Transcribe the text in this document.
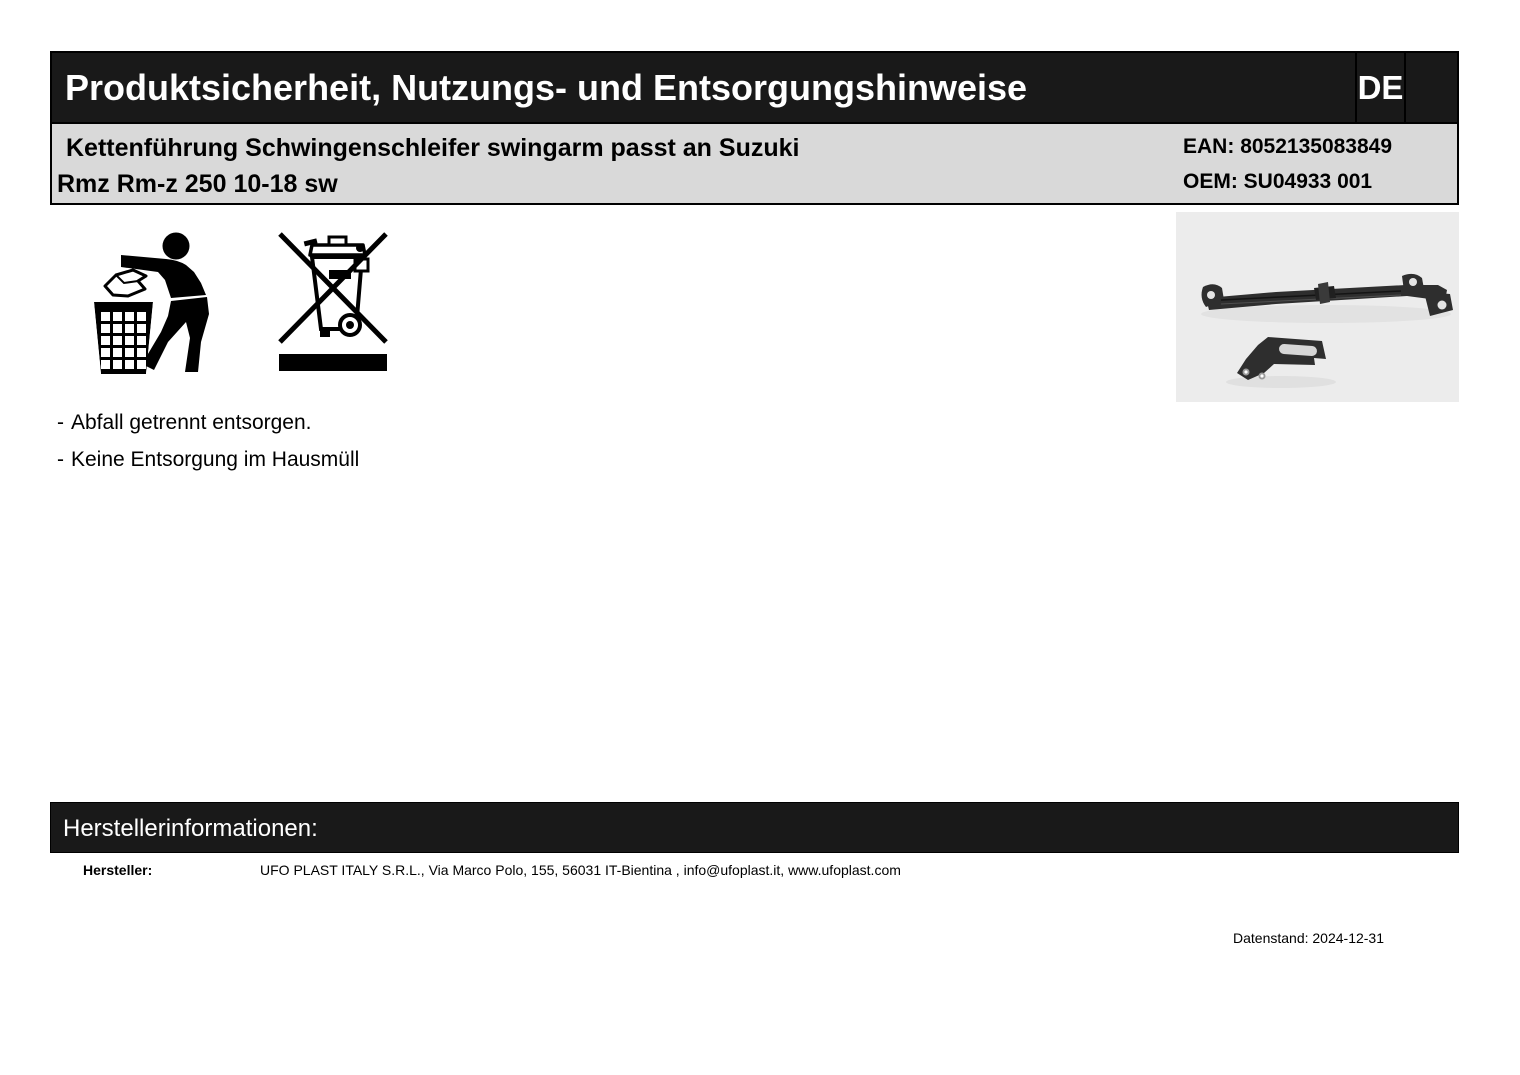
Produktsicherheit, Nutzungs- und Entsorgungshinweise	DE
Kettenführung Schwingenschleifer swingarm passt an Suzuki
Rmz Rm-z 250 10-18 sw
EAN: 8052135083849
OEM: SU04933 001
- Abfall getrennt entsorgen.
- Keine Entsorgung im Hausmüll
Herstellerinformationen:
Hersteller:	UFO PLAST ITALY S.R.L., Via Marco Polo, 155, 56031 IT-Bientina , info@ufoplast.it, www.ufoplast.com
Datenstand: 2024-12-31
